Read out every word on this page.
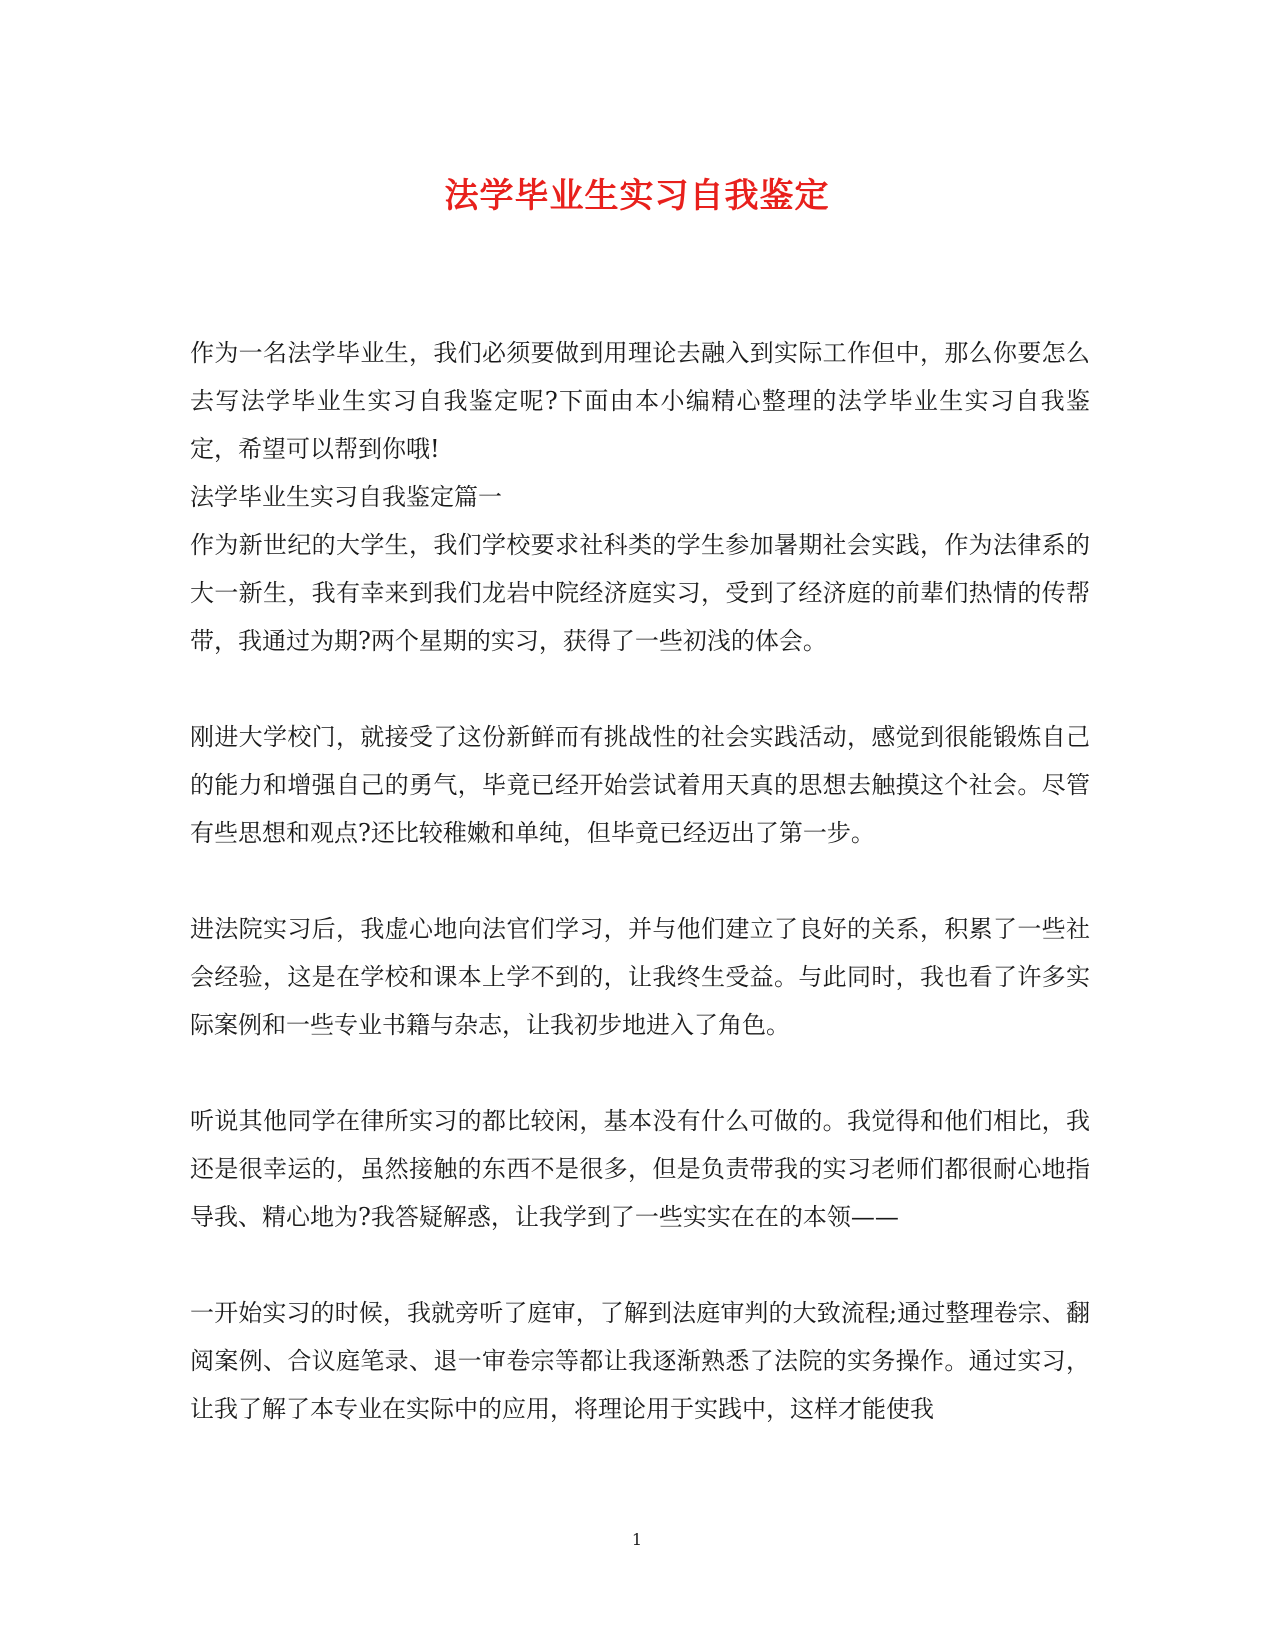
法学毕业生实习自我鉴定

作为一名法学毕业生，我们必须要做到用理论去融入到实际工作但中，那么你要怎么去写法学毕业生实习自我鉴定呢?下面由本小编精心整理的法学毕业生实习自我鉴定，希望可以帮到你哦!

法学毕业生实习自我鉴定篇一

作为新世纪的大学生，我们学校要求社科类的学生参加暑期社会实践，作为法律系的大一新生，我有幸来到我们龙岩中院经济庭实习，受到了经济庭的前辈们热情的传帮带，我通过为期?两个星期的实习，获得了一些初浅的体会。

刚进大学校门，就接受了这份新鲜而有挑战性的社会实践活动，感觉到很能锻炼自己的能力和增强自己的勇气，毕竟已经开始尝试着用天真的思想去触摸这个社会。尽管有些思想和观点?还比较稚嫩和单纯，但毕竟已经迈出了第一步。

进法院实习后，我虚心地向法官们学习，并与他们建立了良好的关系，积累了一些社会经验，这是在学校和课本上学不到的，让我终生受益。与此同时，我也看了许多实际案例和一些专业书籍与杂志，让我初步地进入了角色。

听说其他同学在律所实习的都比较闲，基本没有什么可做的。我觉得和他们相比，我还是很幸运的，虽然接触的东西不是很多，但是负责带我的实习老师们都很耐心地指导我、精心地为?我答疑解惑，让我学到了一些实实在在的本领——

一开始实习的时候，我就旁听了庭审，了解到法庭审判的大致流程;通过整理卷宗、翻阅案例、合议庭笔录、退一审卷宗等都让我逐渐熟悉了法院的实务操作。通过实习，让我了解了本专业在实际中的应用，将理论用于实践中，这样才能使我

1
